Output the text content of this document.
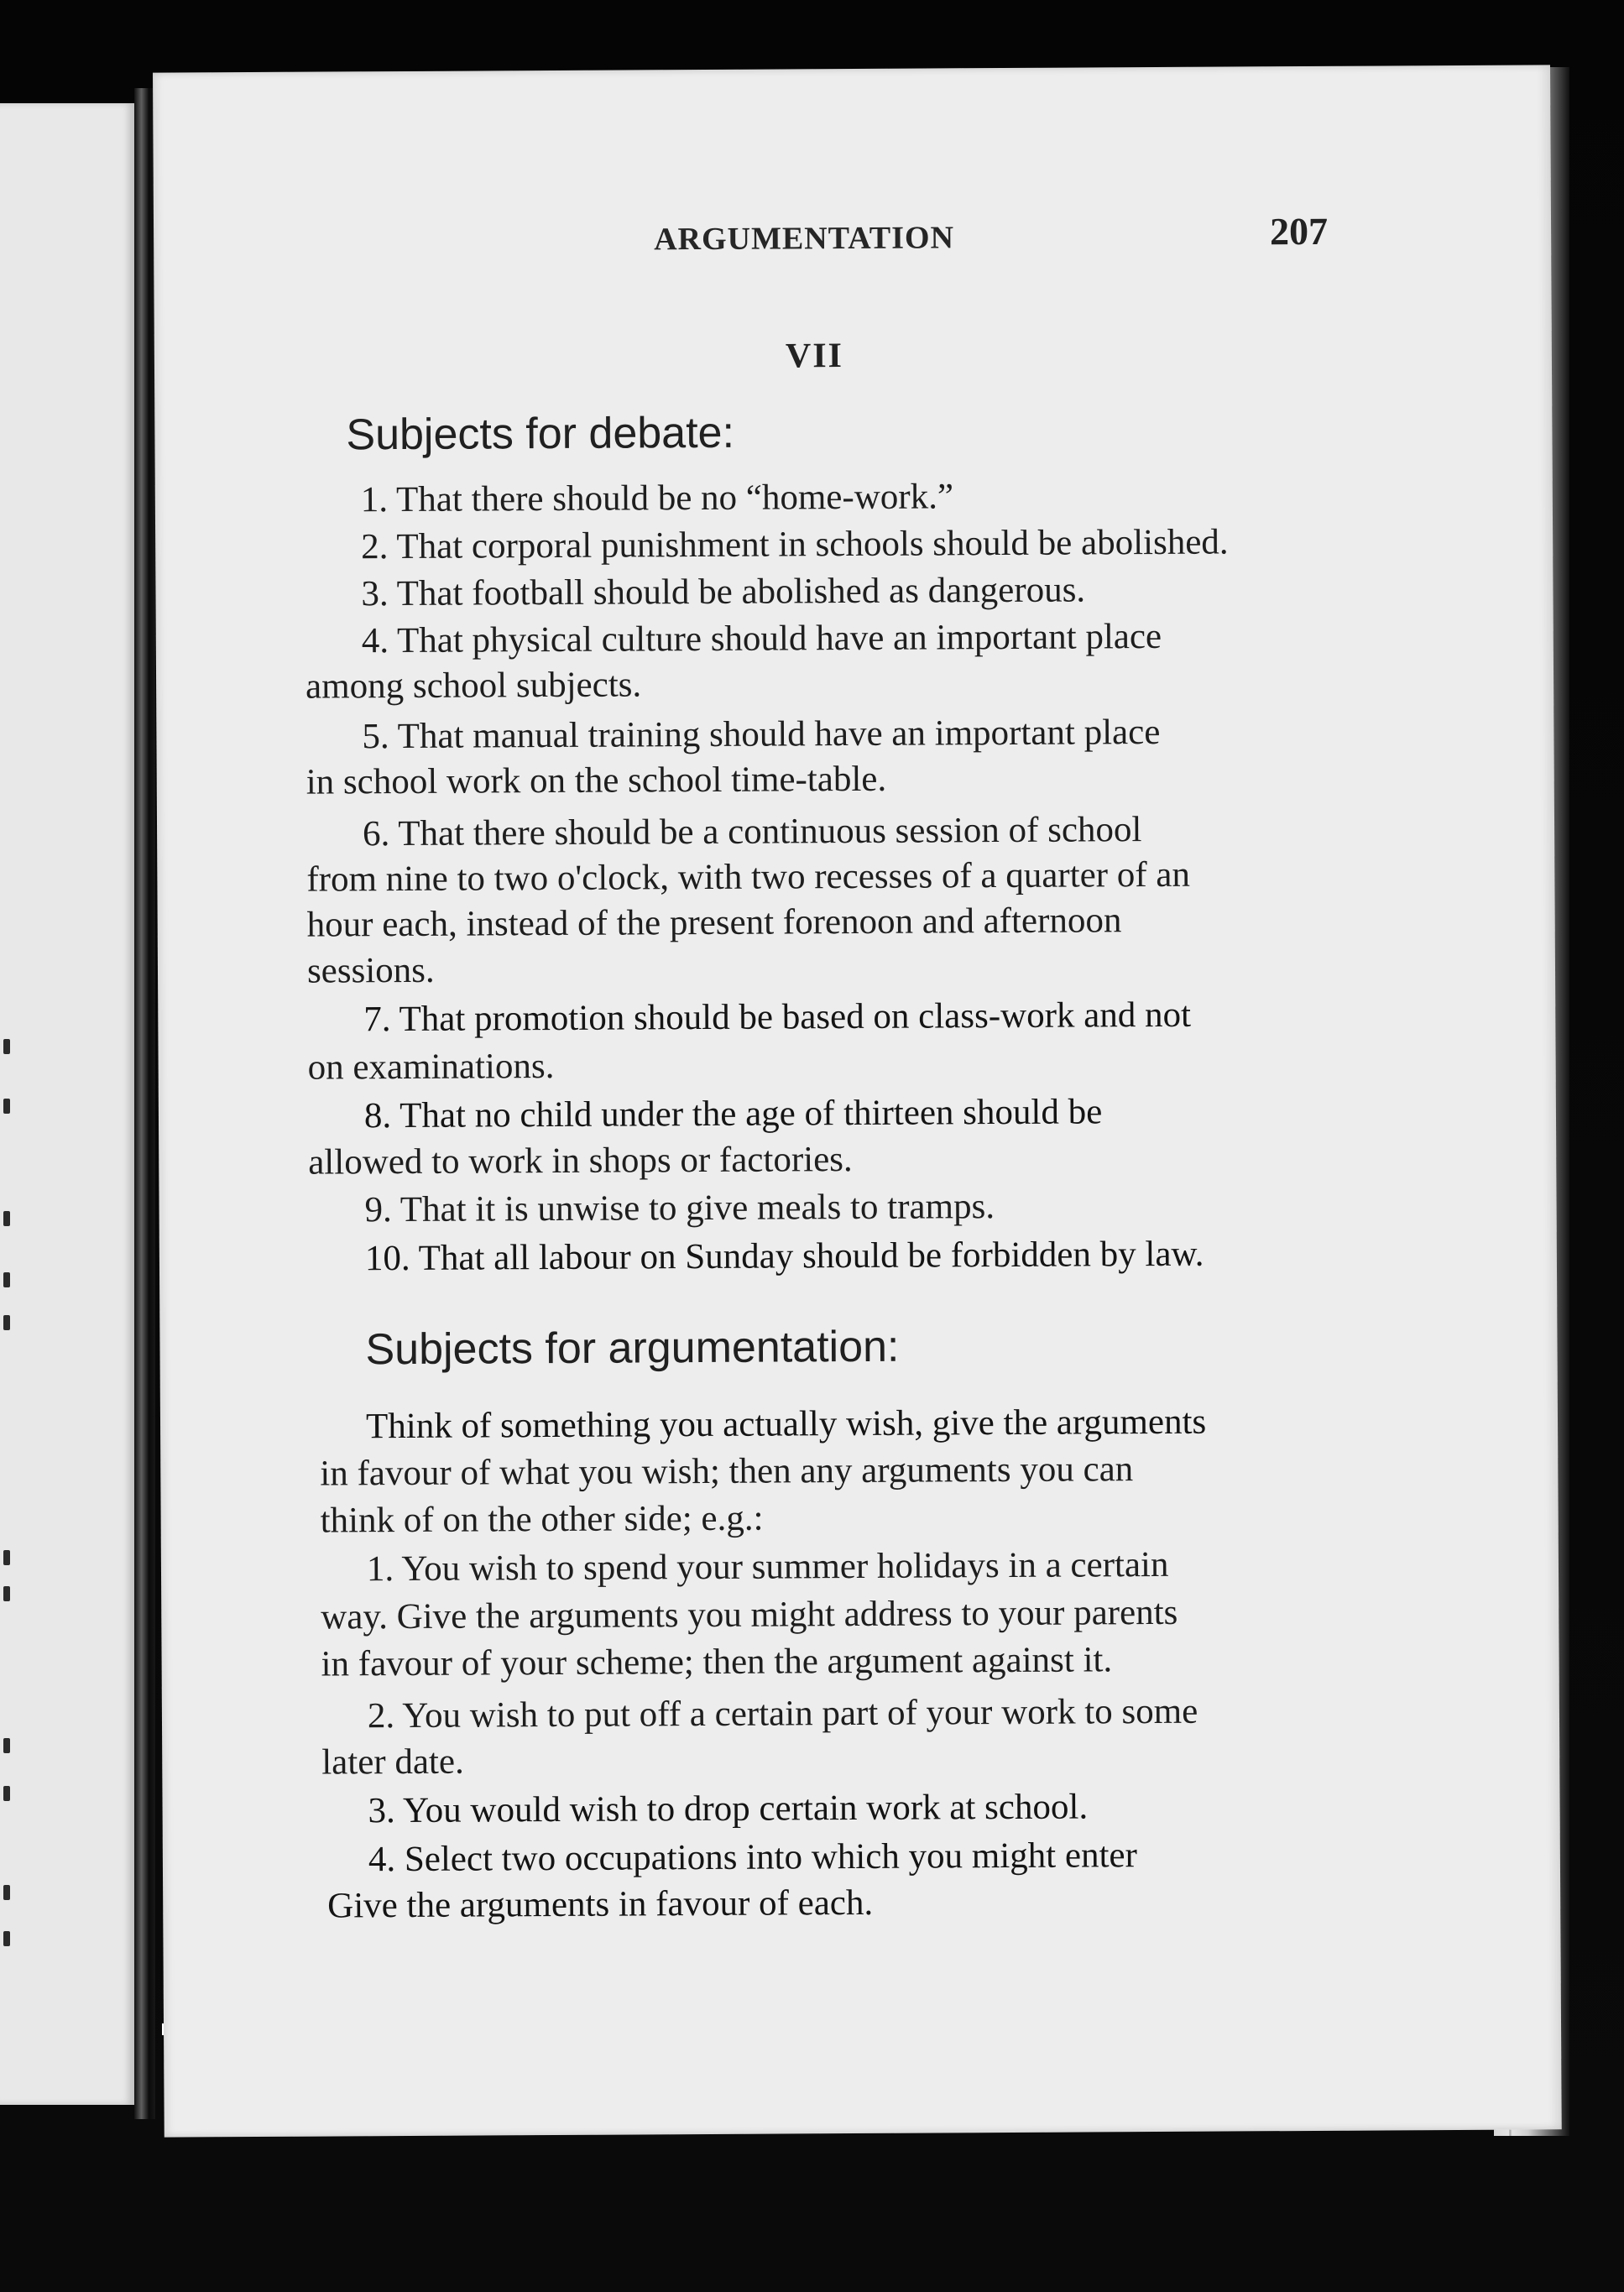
ARGUMENTATION	207
VII
Subjects for debate:
1. That there should be no “home-work.”
2. That corporal punishment in schools should be abolished.
3. That football should be abolished as dangerous.
4. That physical culture should have an important place
among school subjects.
5. That manual training should have an important place
in school work on the school time-table.
6. That there should be a continuous session of school
from nine to two o'clock, with two recesses of a quarter of an
hour each, instead of the present forenoon and afternoon
sessions.
7. That promotion should be based on class-work and not
on examinations.
8. That no child under the age of thirteen should be
allowed to work in shops or factories.
9. That it is unwise to give meals to tramps.
10. That all labour on Sunday should be forbidden by law.
Subjects for argumentation:
Think of something you actually wish, give the arguments
in favour of what you wish; then any arguments you can
think of on the other side; e.g.:
1. You wish to spend your summer holidays in a certain
way. Give the arguments you might address to your parents
in favour of your scheme; then the argument against it.
2. You wish to put off a certain part of your work to some
later date.
3. You would wish to drop certain work at school.
4. Select two occupations into which you might enter
Give the arguments in favour of each.
